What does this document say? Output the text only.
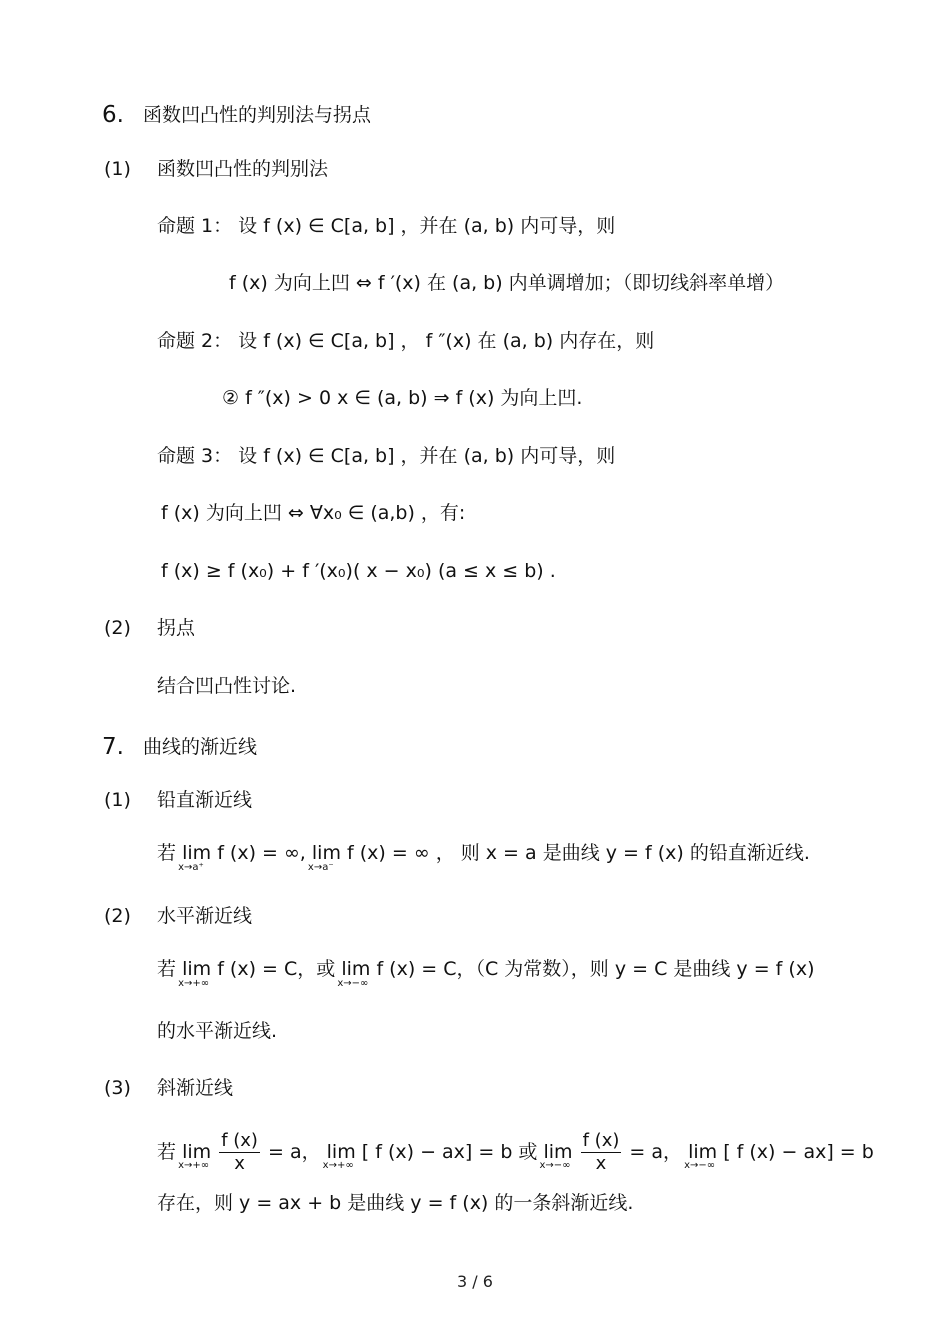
6. 函数凹凸性的判别法与拐点
(1) 函数凹凸性的判别法
命题 1： 设 f (x) ∈ C[a, b] ，并在 (a, b) 内可导，则
f (x) 为向上凹 ⇔ f ′(x) 在 (a, b) 内单调增加；（即切线斜率单增）
命题 2： 设 f (x) ∈ C[a, b] ， f ″(x) 在 (a, b) 内存在，则
② f ″(x) > 0 x ∈ (a, b) ⇒ f (x) 为向上凹.
命题 3： 设 f (x) ∈ C[a, b] ，并在 (a, b) 内可导，则
f (x) 为向上凹 ⇔ ∀x₀ ∈ (a,b) ，有:
f (x) ≥ f (x₀) + f ′(x₀)( x − x₀) (a ≤ x ≤ b) .
(2) 拐点
结合凹凸性讨论.
7. 曲线的渐近线
(1) 铅直渐近线
若 lim
x→a⁺
f (x) = ∞, lim
x→a⁻
f (x) = ∞ ， 则 x = a 是曲线 y = f (x) 的铅直渐近线.
(2) 水平渐近线
若 lim
x→+∞
f (x) = C，或 lim
x→−∞
f (x) = C，（C 为常数），则 y = C 是曲线 y = f (x)
的水平渐近线.
(3) 斜渐近线
若 lim
x→+∞
$\frac{f (x)}{x} = a$， lim
x→+∞
[ f (x) − ax] = b 或 lim
x→−∞
$\frac{f (x)}{x} = a$， lim
x→−∞
[ f (x) − ax] = b
存在，则 y = ax + b 是曲线 y = f (x) 的一条斜渐近线.
3 / 6
